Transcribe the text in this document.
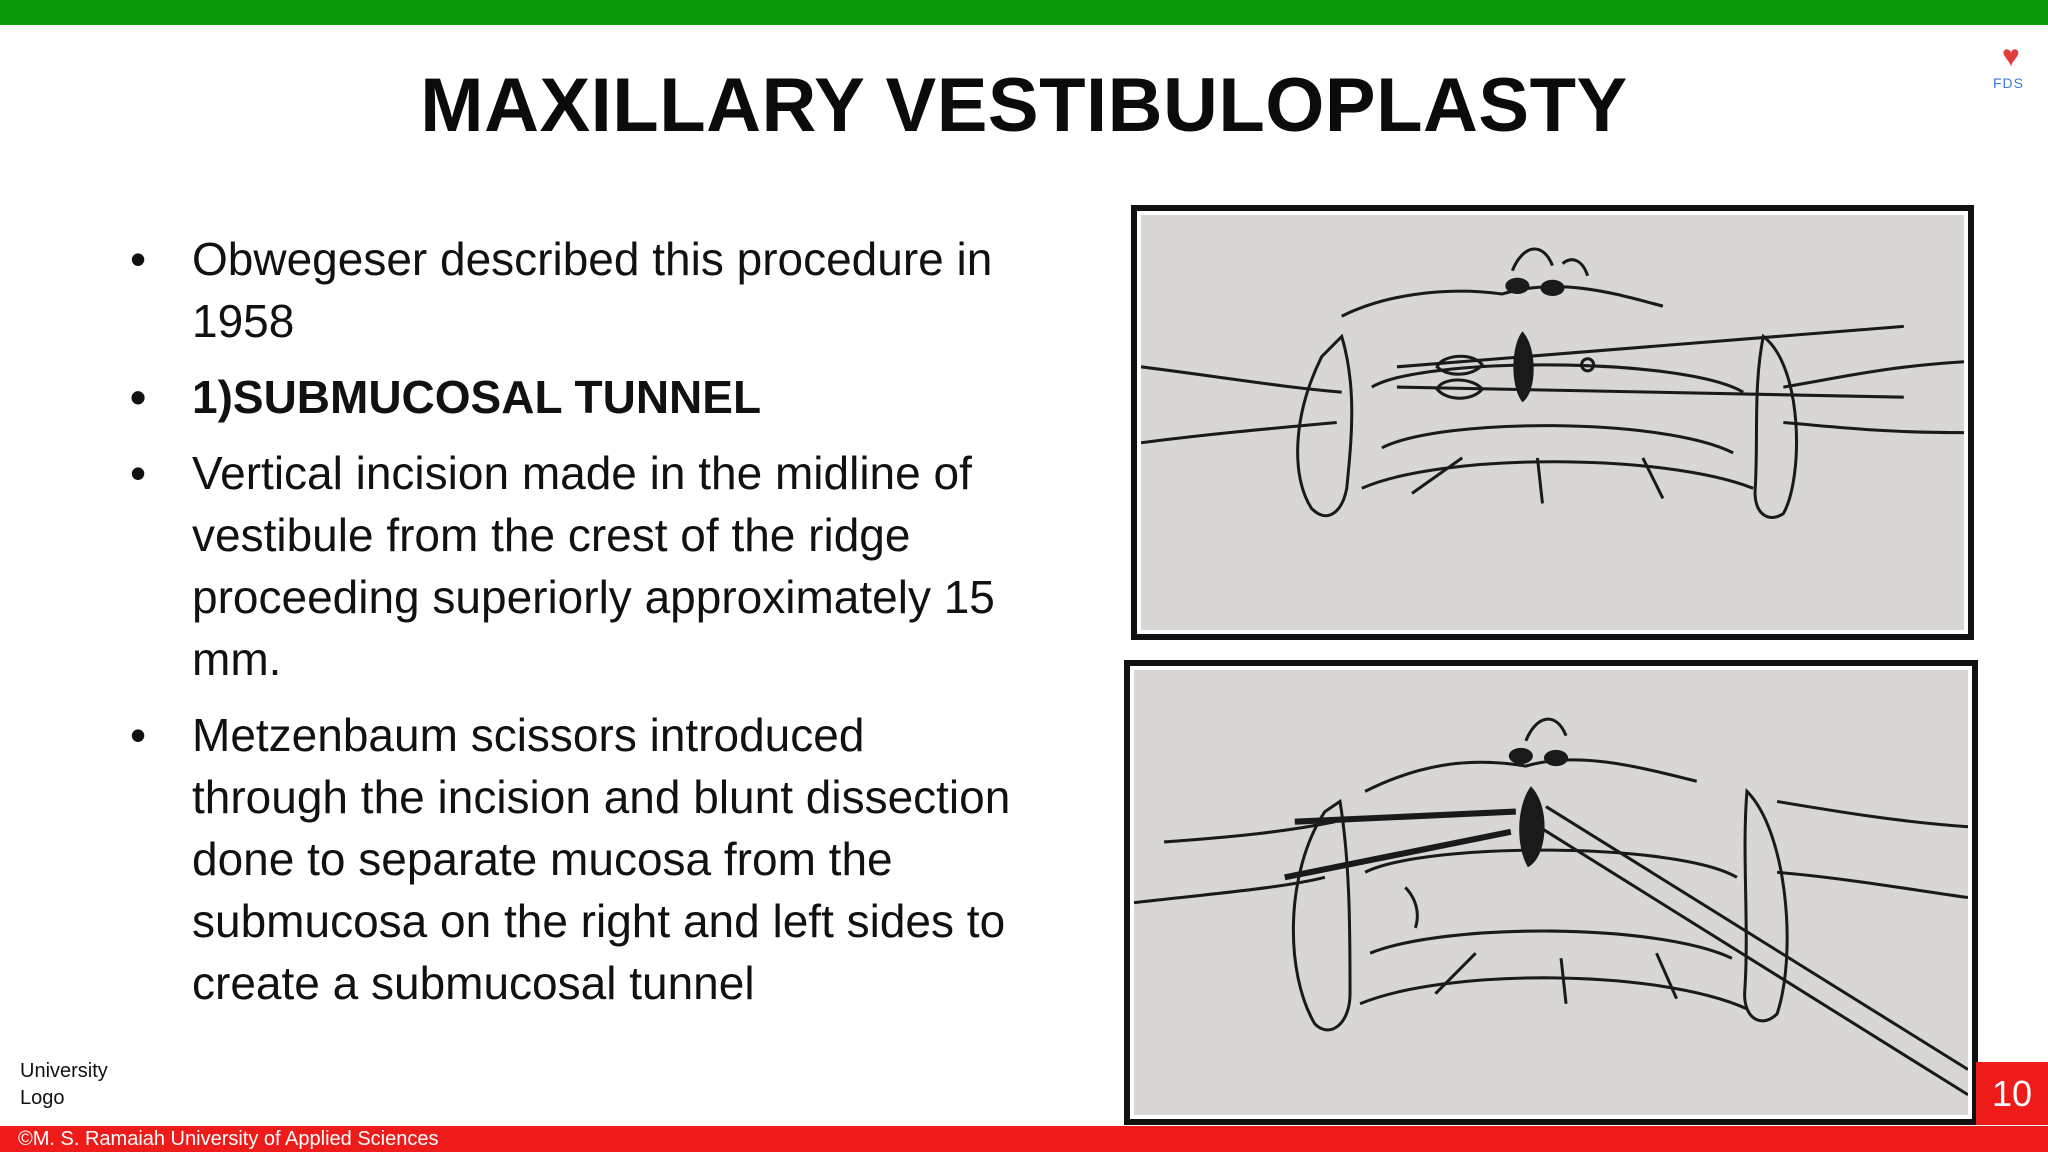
MAXILLARY VESTIBULOPLASTY
♥
FDS
• Obwegeser described this procedure in 1958
• 1)SUBMUCOSAL TUNNEL
• Vertical incision made in the midline of vestibule from the crest of the ridge proceeding superiorly approximately 15 mm.
• Metzenbaum scissors introduced through the incision and blunt dissection done to separate mucosa from the submucosa on the right and left sides to create a submucosal tunnel
University
Logo	10
©M. S. Ramaiah University of Applied Sciences
